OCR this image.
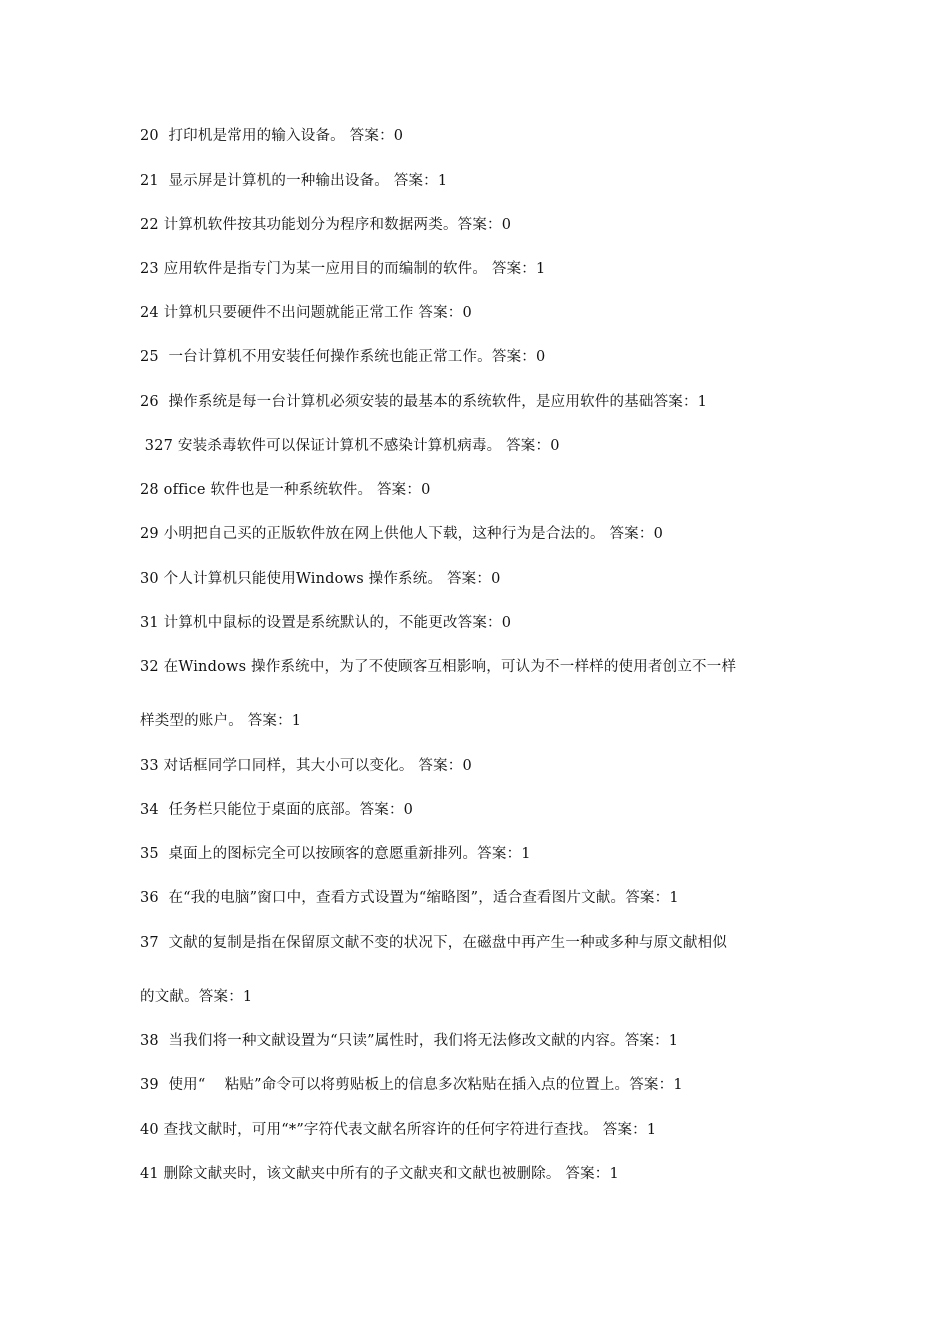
20  打印机是常用的输入设备。 答案：0
21  显示屏是计算机的一种输出设备。 答案：1
22 计算机软件按其功能划分为程序和数据两类。答案：0
23 应用软件是指专门为某一应用目的而编制的软件。 答案：1
24 计算机只要硬件不出问题就能正常工作 答案：0
25  一台计算机不用安装任何操作系统也能正常工作。答案：0
26  操作系统是每一台计算机必须安装的最基本的系统软件，是应用软件的基础答案：1
327 安装杀毒软件可以保证计算机不感染计算机病毒。 答案：0
28 office 软件也是一种系统软件。 答案：0
29 小明把自己买的正版软件放在网上供他人下载，这种行为是合法的。 答案：0
30 个人计算机只能使用Windows 操作系统。 答案：0
31 计算机中鼠标的设置是系统默认的，不能更改答案：0
32 在Windows 操作系统中，为了不使顾客互相影响，可认为不一样样的使用者创立不一样
样类型的账户。 答案：1
33 对话框同学口同样，其大小可以变化。 答案：0
34  任务栏只能位于桌面的底部。答案：0
35  桌面上的图标完全可以按顾客的意愿重新排列。答案：1
36  在“我的电脑”窗口中，查看方式设置为“缩略图”，适合查看图片文献。答案：1
37  文献的复制是指在保留原文献不变的状况下，在磁盘中再产生一种或多种与原文献相似
的文献。答案：1
38  当我们将一种文献设置为“只读”属性时，我们将无法修改文献的内容。答案：1
39  使用“    粘贴”命令可以将剪贴板上的信息多次粘贴在插入点的位置上。答案：1
40 查找文献时，可用“*”字符代表文献名所容许的任何字符进行查找。 答案：1
41 删除文献夹时，该文献夹中所有的子文献夹和文献也被删除。 答案：1
